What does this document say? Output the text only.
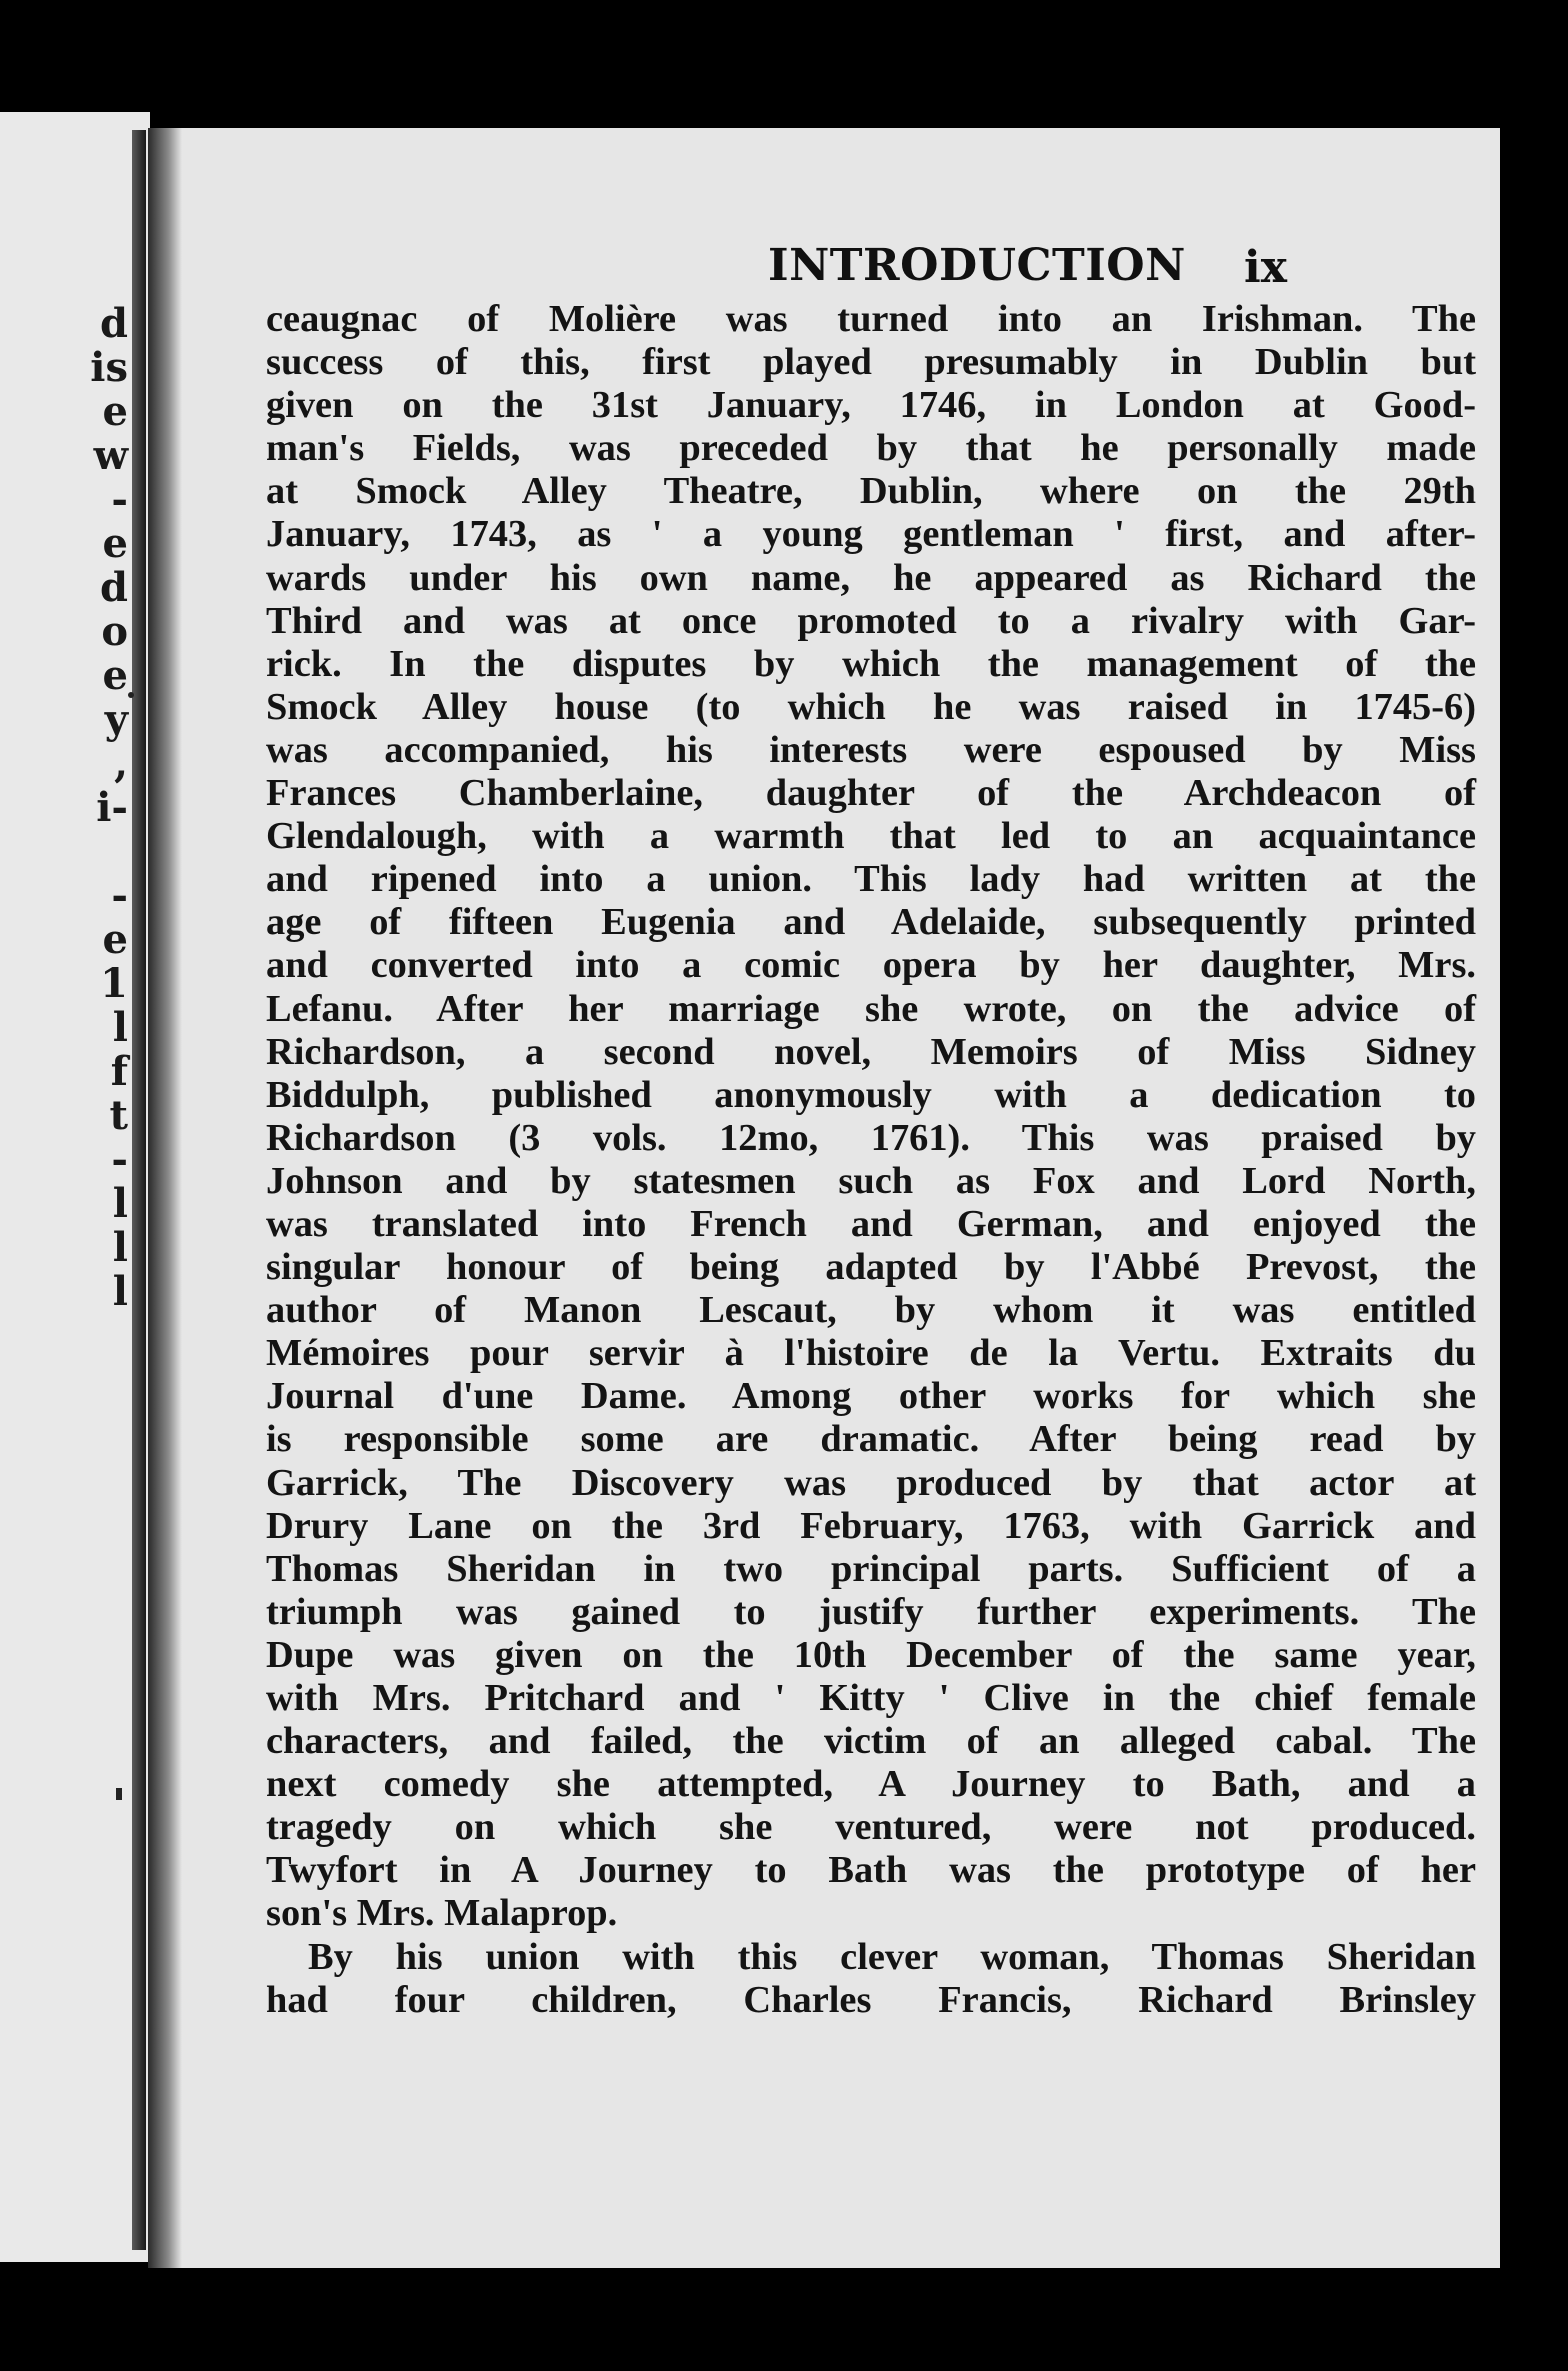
d
is
e
w
-
e
d
o
e
y
,
i-
-
e
1
l
f
t
-
l
l
l
INTRODUCTION ix
ceaugnac of Molière was turned into an Irishman. The
success of this, first played presumably in Dublin but
given on the 31st January, 1746, in London at Good-
man's Fields, was preceded by that he personally made
at Smock Alley Theatre, Dublin, where on the 29th
January, 1743, as ' a young gentleman ' first, and after-
wards under his own name, he appeared as Richard the
Third and was at once promoted to a rivalry with Gar-
rick. In the disputes by which the management of the
Smock Alley house (to which he was raised in 1745-6)
was accompanied, his interests were espoused by Miss
Frances Chamberlaine, daughter of the Archdeacon of
Glendalough, with a warmth that led to an acquaintance
and ripened into a union. This lady had written at the
age of fifteen Eugenia and Adelaide, subsequently printed
and converted into a comic opera by her daughter, Mrs.
Lefanu. After her marriage she wrote, on the advice of
Richardson, a second novel, Memoirs of Miss Sidney
Biddulph, published anonymously with a dedication to
Richardson (3 vols. 12mo, 1761). This was praised by
Johnson and by statesmen such as Fox and Lord North,
was translated into French and German, and enjoyed the
singular honour of being adapted by l'Abbé Prevost, the
author of Manon Lescaut, by whom it was entitled
Mémoires pour servir à l'histoire de la Vertu. Extraits du
Journal d'une Dame. Among other works for which she
is responsible some are dramatic. After being read by
Garrick, The Discovery was produced by that actor at
Drury Lane on the 3rd February, 1763, with Garrick and
Thomas Sheridan in two principal parts. Sufficient of a
triumph was gained to justify further experiments. The
Dupe was given on the 10th December of the same year,
with Mrs. Pritchard and ' Kitty ' Clive in the chief female
characters, and failed, the victim of an alleged cabal. The
next comedy she attempted, A Journey to Bath, and a
tragedy on which she ventured, were not produced.
Twyfort in A Journey to Bath was the prototype of her
son's Mrs. Malaprop.
By his union with this clever woman, Thomas Sheridan
had four children, Charles Francis, Richard Brinsley
